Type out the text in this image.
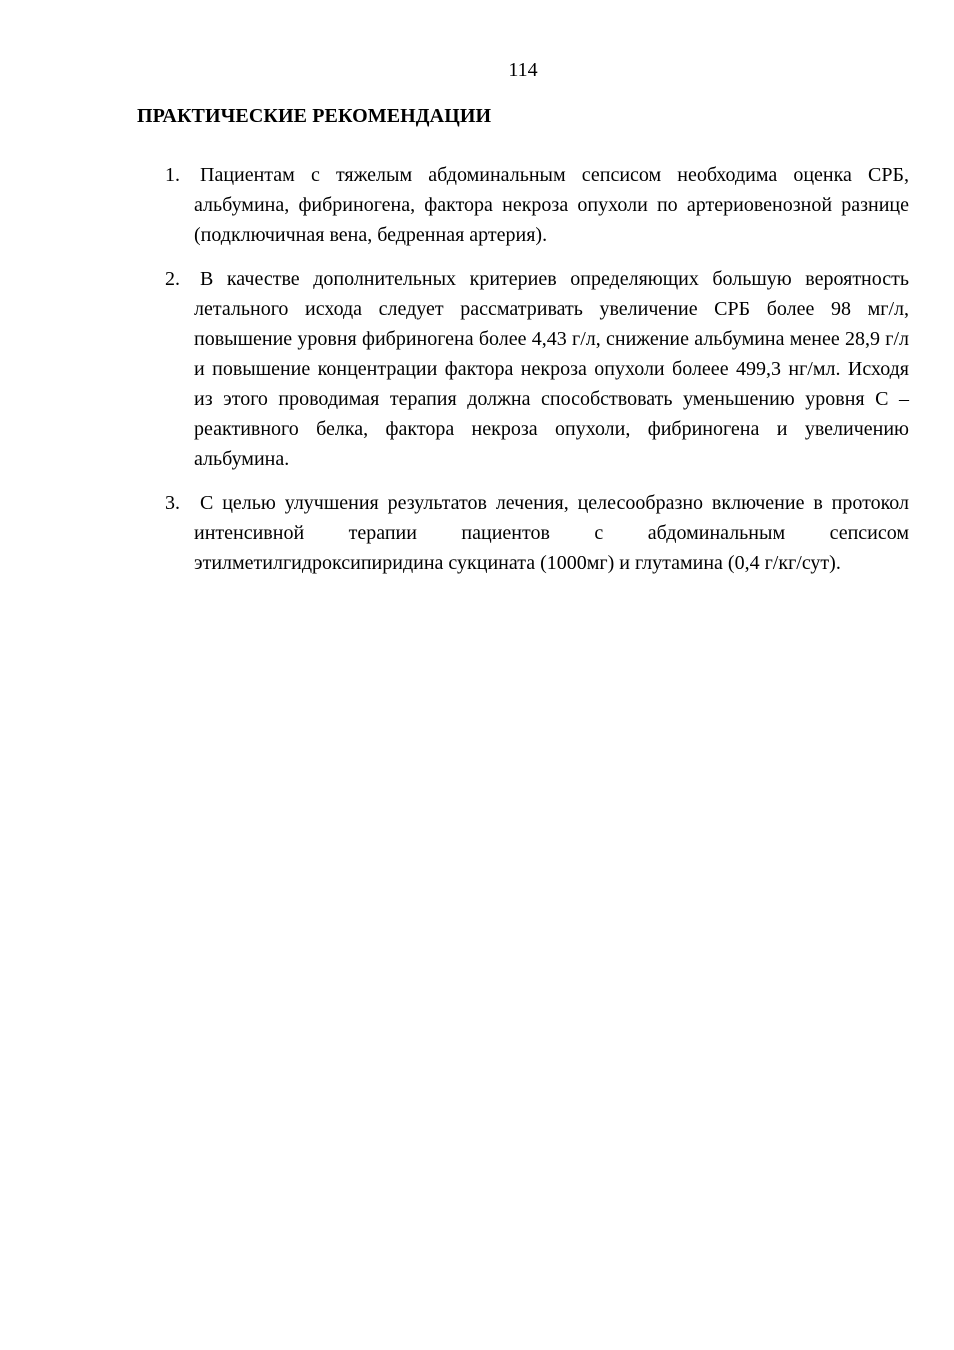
114
ПРАКТИЧЕСКИЕ РЕКОМЕНДАЦИИ
1.	Пациентам с тяжелым абдоминальным сепсисом необходима оценка СРБ, альбумина, фибриногена, фактора некроза опухоли по артериовенозной разнице (подключичная вена, бедренная артерия).
2.	В качестве дополнительных критериев определяющих большую вероятность летального исхода следует рассматривать увеличение СРБ более 98 мг/л, повышение уровня фибриногена более 4,43 г/л, снижение альбумина менее 28,9 г/л и повышение концентрации фактора некроза опухоли болеее 499,3 нг/мл. Исходя из этого проводимая терапия должна способствовать уменьшению уровня С – реактивного белка, фактора некроза опухоли, фибриногена и увеличению альбумина.
3.	С целью улучшения результатов лечения, целесообразно включение в протокол интенсивной терапии пациентов с абдоминальным сепсисом этилметилгидроксипиридина сукцината (1000мг) и глутамина (0,4 г/кг/сут).
